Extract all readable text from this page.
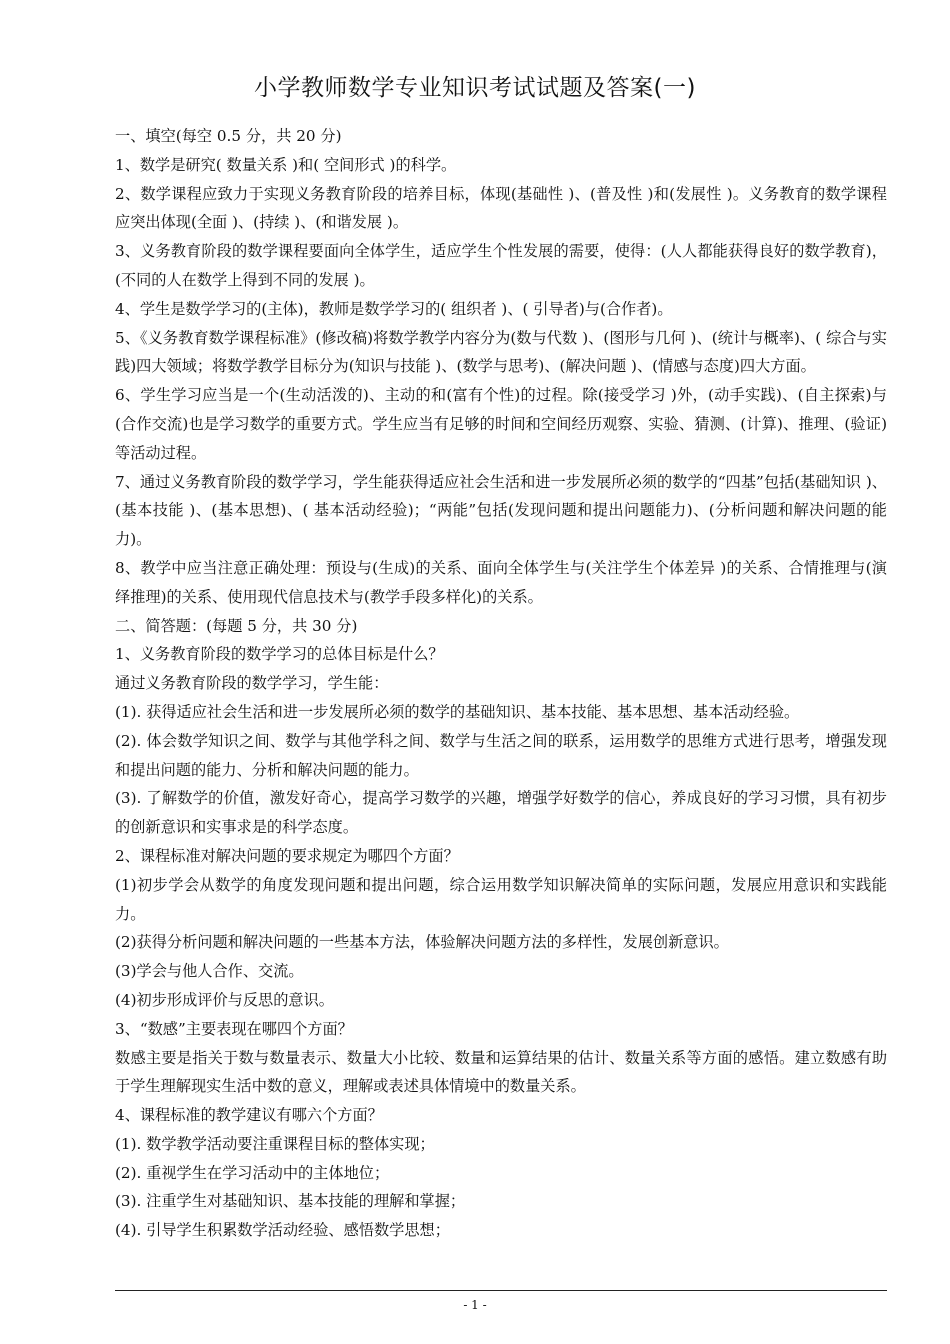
小学教师数学专业知识考试试题及答案(一)

一、填空(每空 0.5 分，共 20 分)

1、数学是研究( 数量关系 )和( 空间形式 )的科学。

2、数学课程应致力于实现义务教育阶段的培养目标，体现(基础性 )、(普及性 )和(发展性 )。义务教育的数学课程应突出体现(全面 )、(持续 )、(和谐发展 )。

3、义务教育阶段的数学课程要面向全体学生，适应学生个性发展的需要，使得：(人人都能获得良好的数学教育)，(不同的人在数学上得到不同的发展 )。

4、学生是数学学习的(主体)，教师是数学学习的( 组织者 )、( 引导者)与(合作者)。

5、《义务教育数学课程标准》(修改稿)将数学教学内容分为(数与代数 )、(图形与几何 )、(统计与概率)、( 综合与实践)四大领域；将数学教学目标分为(知识与技能 )、(数学与思考)、(解决问题 )、(情感与态度)四大方面。

6、学生学习应当是一个(生动活泼的)、主动的和(富有个性)的过程。除(接受学习 )外，(动手实践)、(自主探索)与(合作交流)也是学习数学的重要方式。学生应当有足够的时间和空间经历观察、实验、猜测、(计算)、推理、(验证)等活动过程。

7、通过义务教育阶段的数学学习，学生能获得适应社会生活和进一步发展所必须的数学的“四基”包括(基础知识 )、(基本技能 )、(基本思想)、( 基本活动经验)；“两能”包括(发现问题和提出问题能力)、(分析问题和解决问题的能力)。

8、教学中应当注意正确处理：预设与(生成)的关系、面向全体学生与(关注学生个体差异 )的关系、合情推理与(演绎推理)的关系、使用现代信息技术与(教学手段多样化)的关系。

二、简答题：(每题 5 分，共 30 分)

1、义务教育阶段的数学学习的总体目标是什么？

通过义务教育阶段的数学学习，学生能：

(1). 获得适应社会生活和进一步发展所必须的数学的基础知识、基本技能、基本思想、基本活动经验。

(2). 体会数学知识之间、数学与其他学科之间、数学与生活之间的联系，运用数学的思维方式进行思考，增强发现和提出问题的能力、分析和解决问题的能力。

(3). 了解数学的价值，激发好奇心，提高学习数学的兴趣，增强学好数学的信心，养成良好的学习习惯，具有初步的创新意识和实事求是的科学态度。

2、课程标准对解决问题的要求规定为哪四个方面？

(1)初步学会从数学的角度发现问题和提出问题，综合运用数学知识解决简单的实际问题，发展应用意识和实践能力。

(2)获得分析问题和解决问题的一些基本方法，体验解决问题方法的多样性，发展创新意识。

(3)学会与他人合作、交流。

(4)初步形成评价与反思的意识。

3、“数感”主要表现在哪四个方面？

数感主要是指关于数与数量表示、数量大小比较、数量和运算结果的估计、数量关系等方面的感悟。建立数感有助于学生理解现实生活中数的意义，理解或表述具体情境中的数量关系。

4、课程标准的教学建议有哪六个方面？

(1). 数学教学活动要注重课程目标的整体实现；

(2). 重视学生在学习活动中的主体地位；

(3). 注重学生对基础知识、基本技能的理解和掌握；

(4). 引导学生积累数学活动经验、感悟数学思想；

- 1 -
